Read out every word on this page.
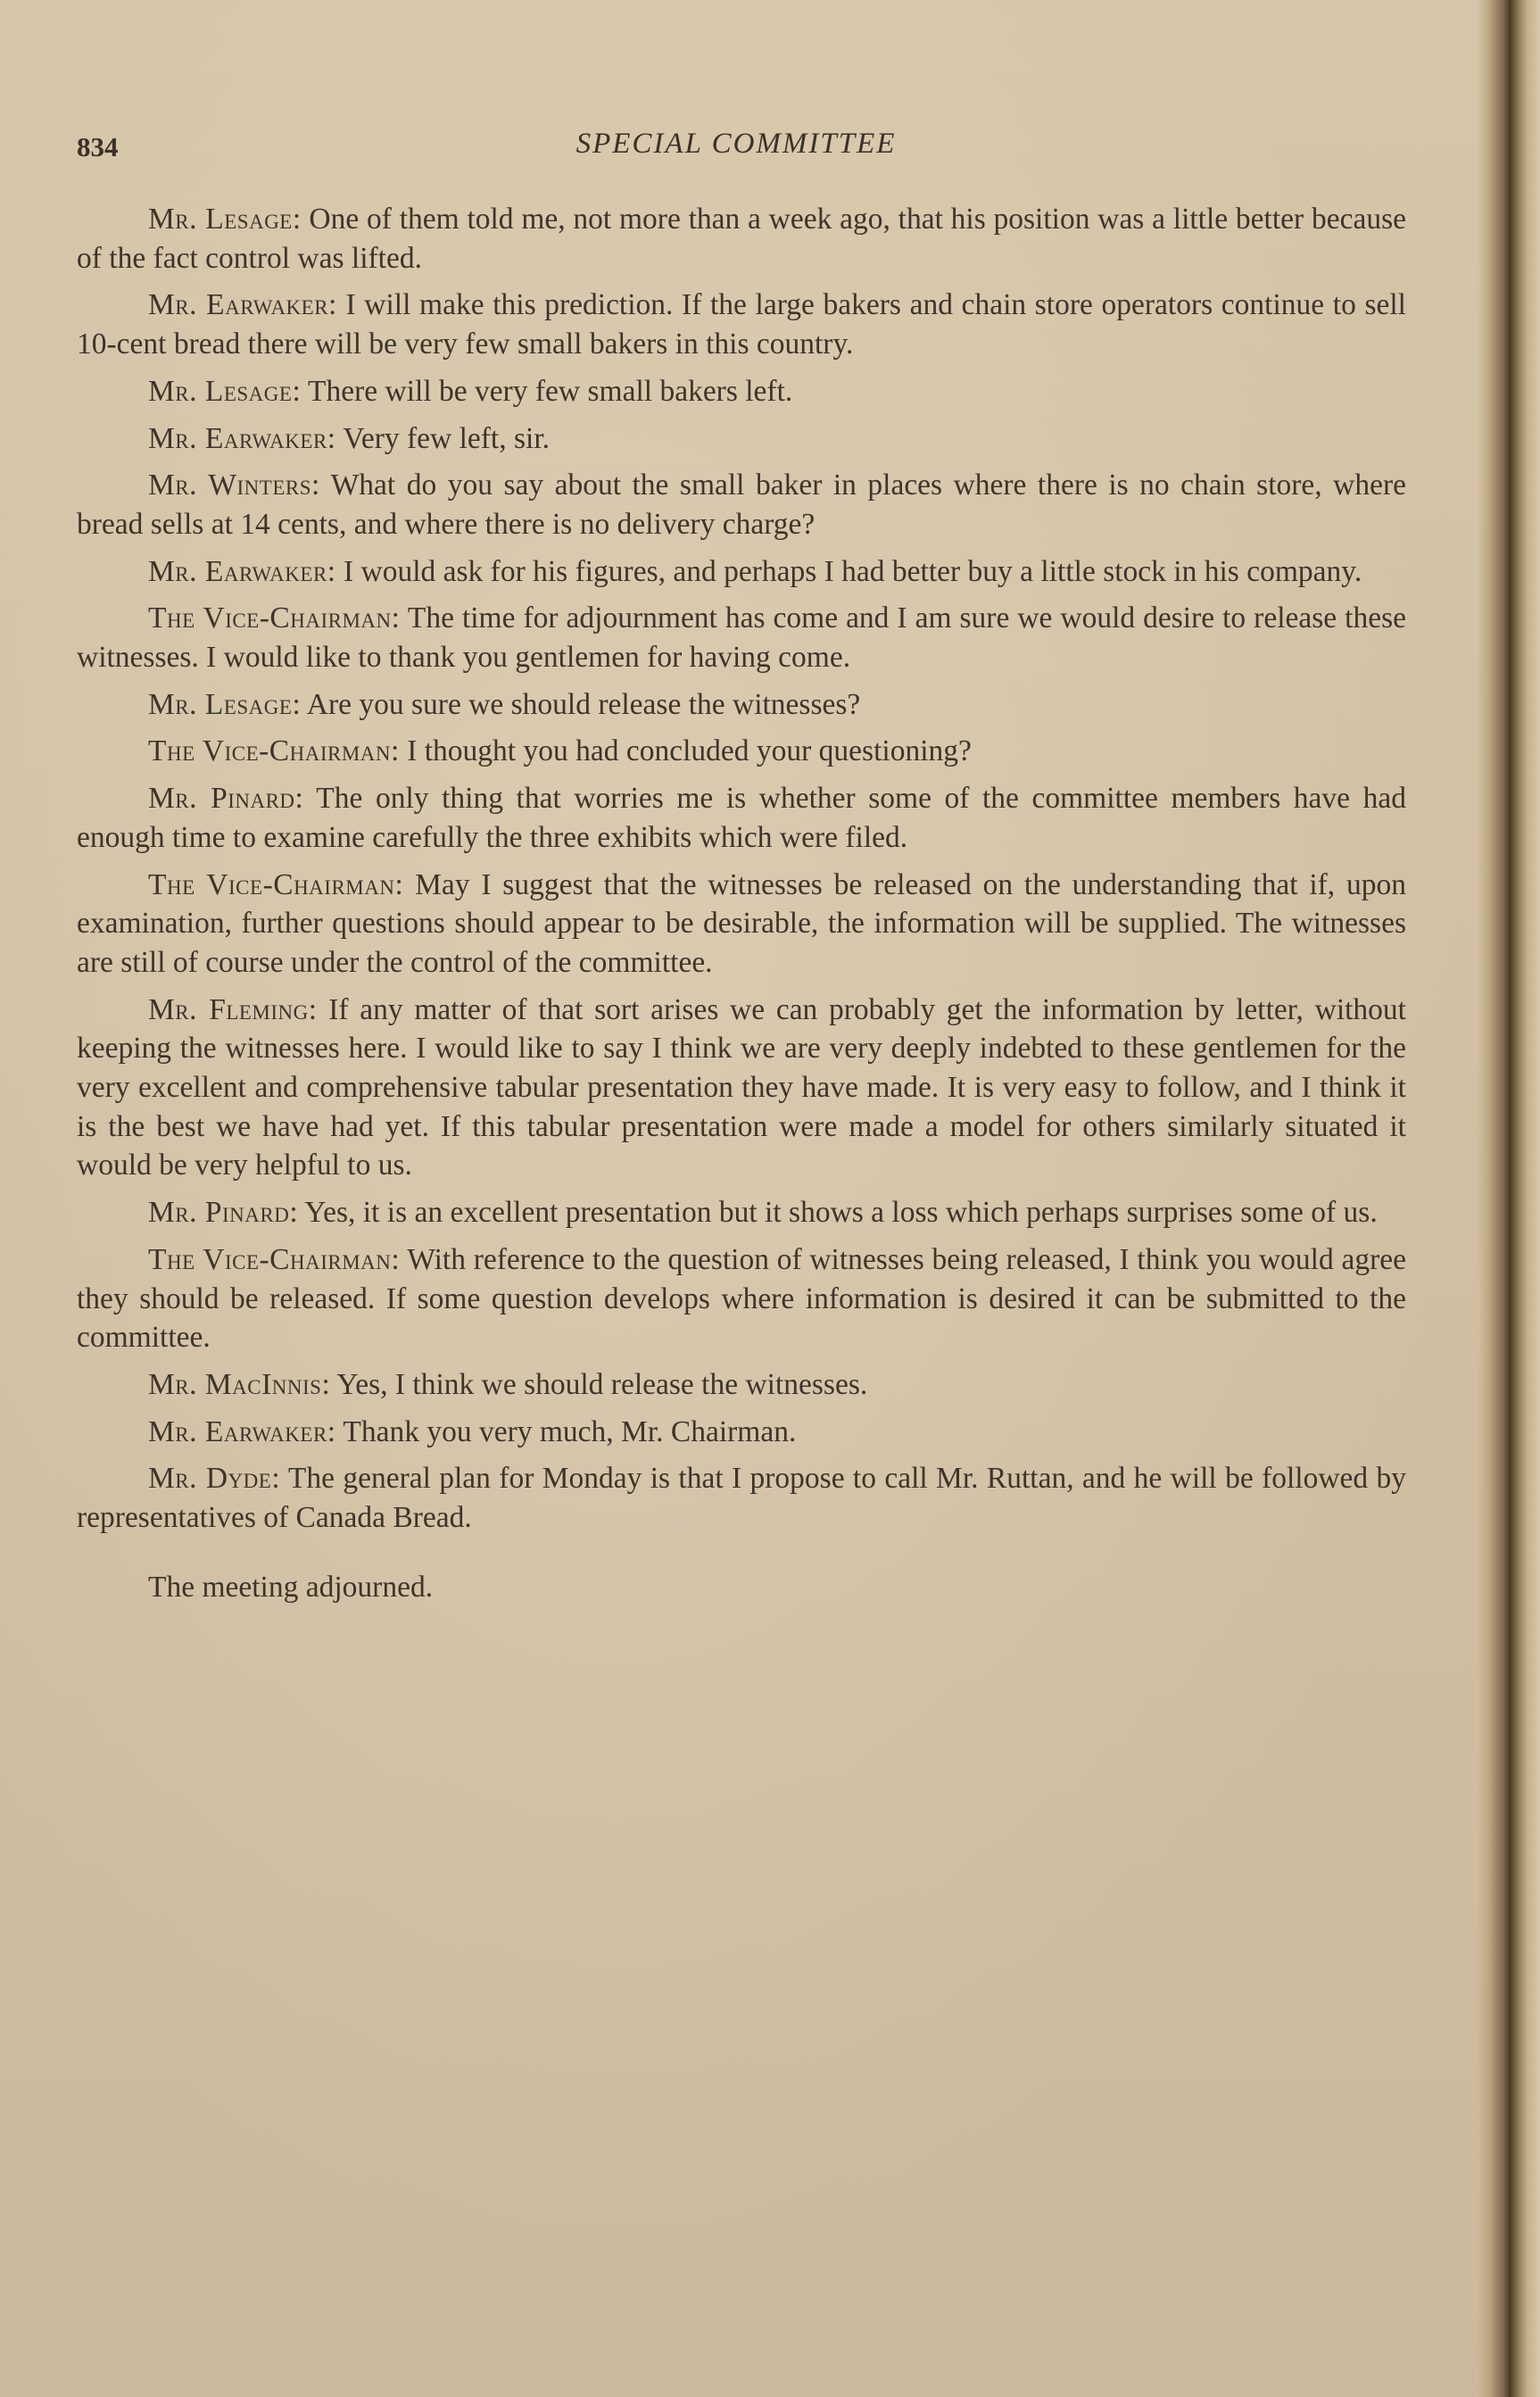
834	SPECIAL COMMITTEE

Mr. Lesage: One of them told me, not more than a week ago, that his position was a little better because of the fact control was lifted.

Mr. Earwaker: I will make this prediction. If the large bakers and chain store operators continue to sell 10-cent bread there will be very few small bakers in this country.

Mr. Lesage: There will be very few small bakers left.

Mr. Earwaker: Very few left, sir.

Mr. Winters: What do you say about the small baker in places where there is no chain store, where bread sells at 14 cents, and where there is no delivery charge?

Mr. Earwaker: I would ask for his figures, and perhaps I had better buy a little stock in his company.

The Vice-Chairman: The time for adjournment has come and I am sure we would desire to release these witnesses. I would like to thank you gentlemen for having come.

Mr. Lesage: Are you sure we should release the witnesses?

The Vice-Chairman: I thought you had concluded your questioning?

Mr. Pinard: The only thing that worries me is whether some of the committee members have had enough time to examine carefully the three exhibits which were filed.

The Vice-Chairman: May I suggest that the witnesses be released on the understanding that if, upon examination, further questions should appear to be desirable, the information will be supplied. The witnesses are still of course under the control of the committee.

Mr. Fleming: If any matter of that sort arises we can probably get the information by letter, without keeping the witnesses here. I would like to say I think we are very deeply indebted to these gentlemen for the very excellent and comprehensive tabular presentation they have made. It is very easy to follow, and I think it is the best we have had yet. If this tabular presentation were made a model for others similarly situated it would be very helpful to us.

Mr. Pinard: Yes, it is an excellent presentation but it shows a loss which perhaps surprises some of us.

The Vice-Chairman: With reference to the question of witnesses being released, I think you would agree they should be released. If some question develops where information is desired it can be submitted to the committee.

Mr. MacInnis: Yes, I think we should release the witnesses.

Mr. Earwaker: Thank you very much, Mr. Chairman.

Mr. Dyde: The general plan for Monday is that I propose to call Mr. Ruttan, and he will be followed by representatives of Canada Bread.

The meeting adjourned.
